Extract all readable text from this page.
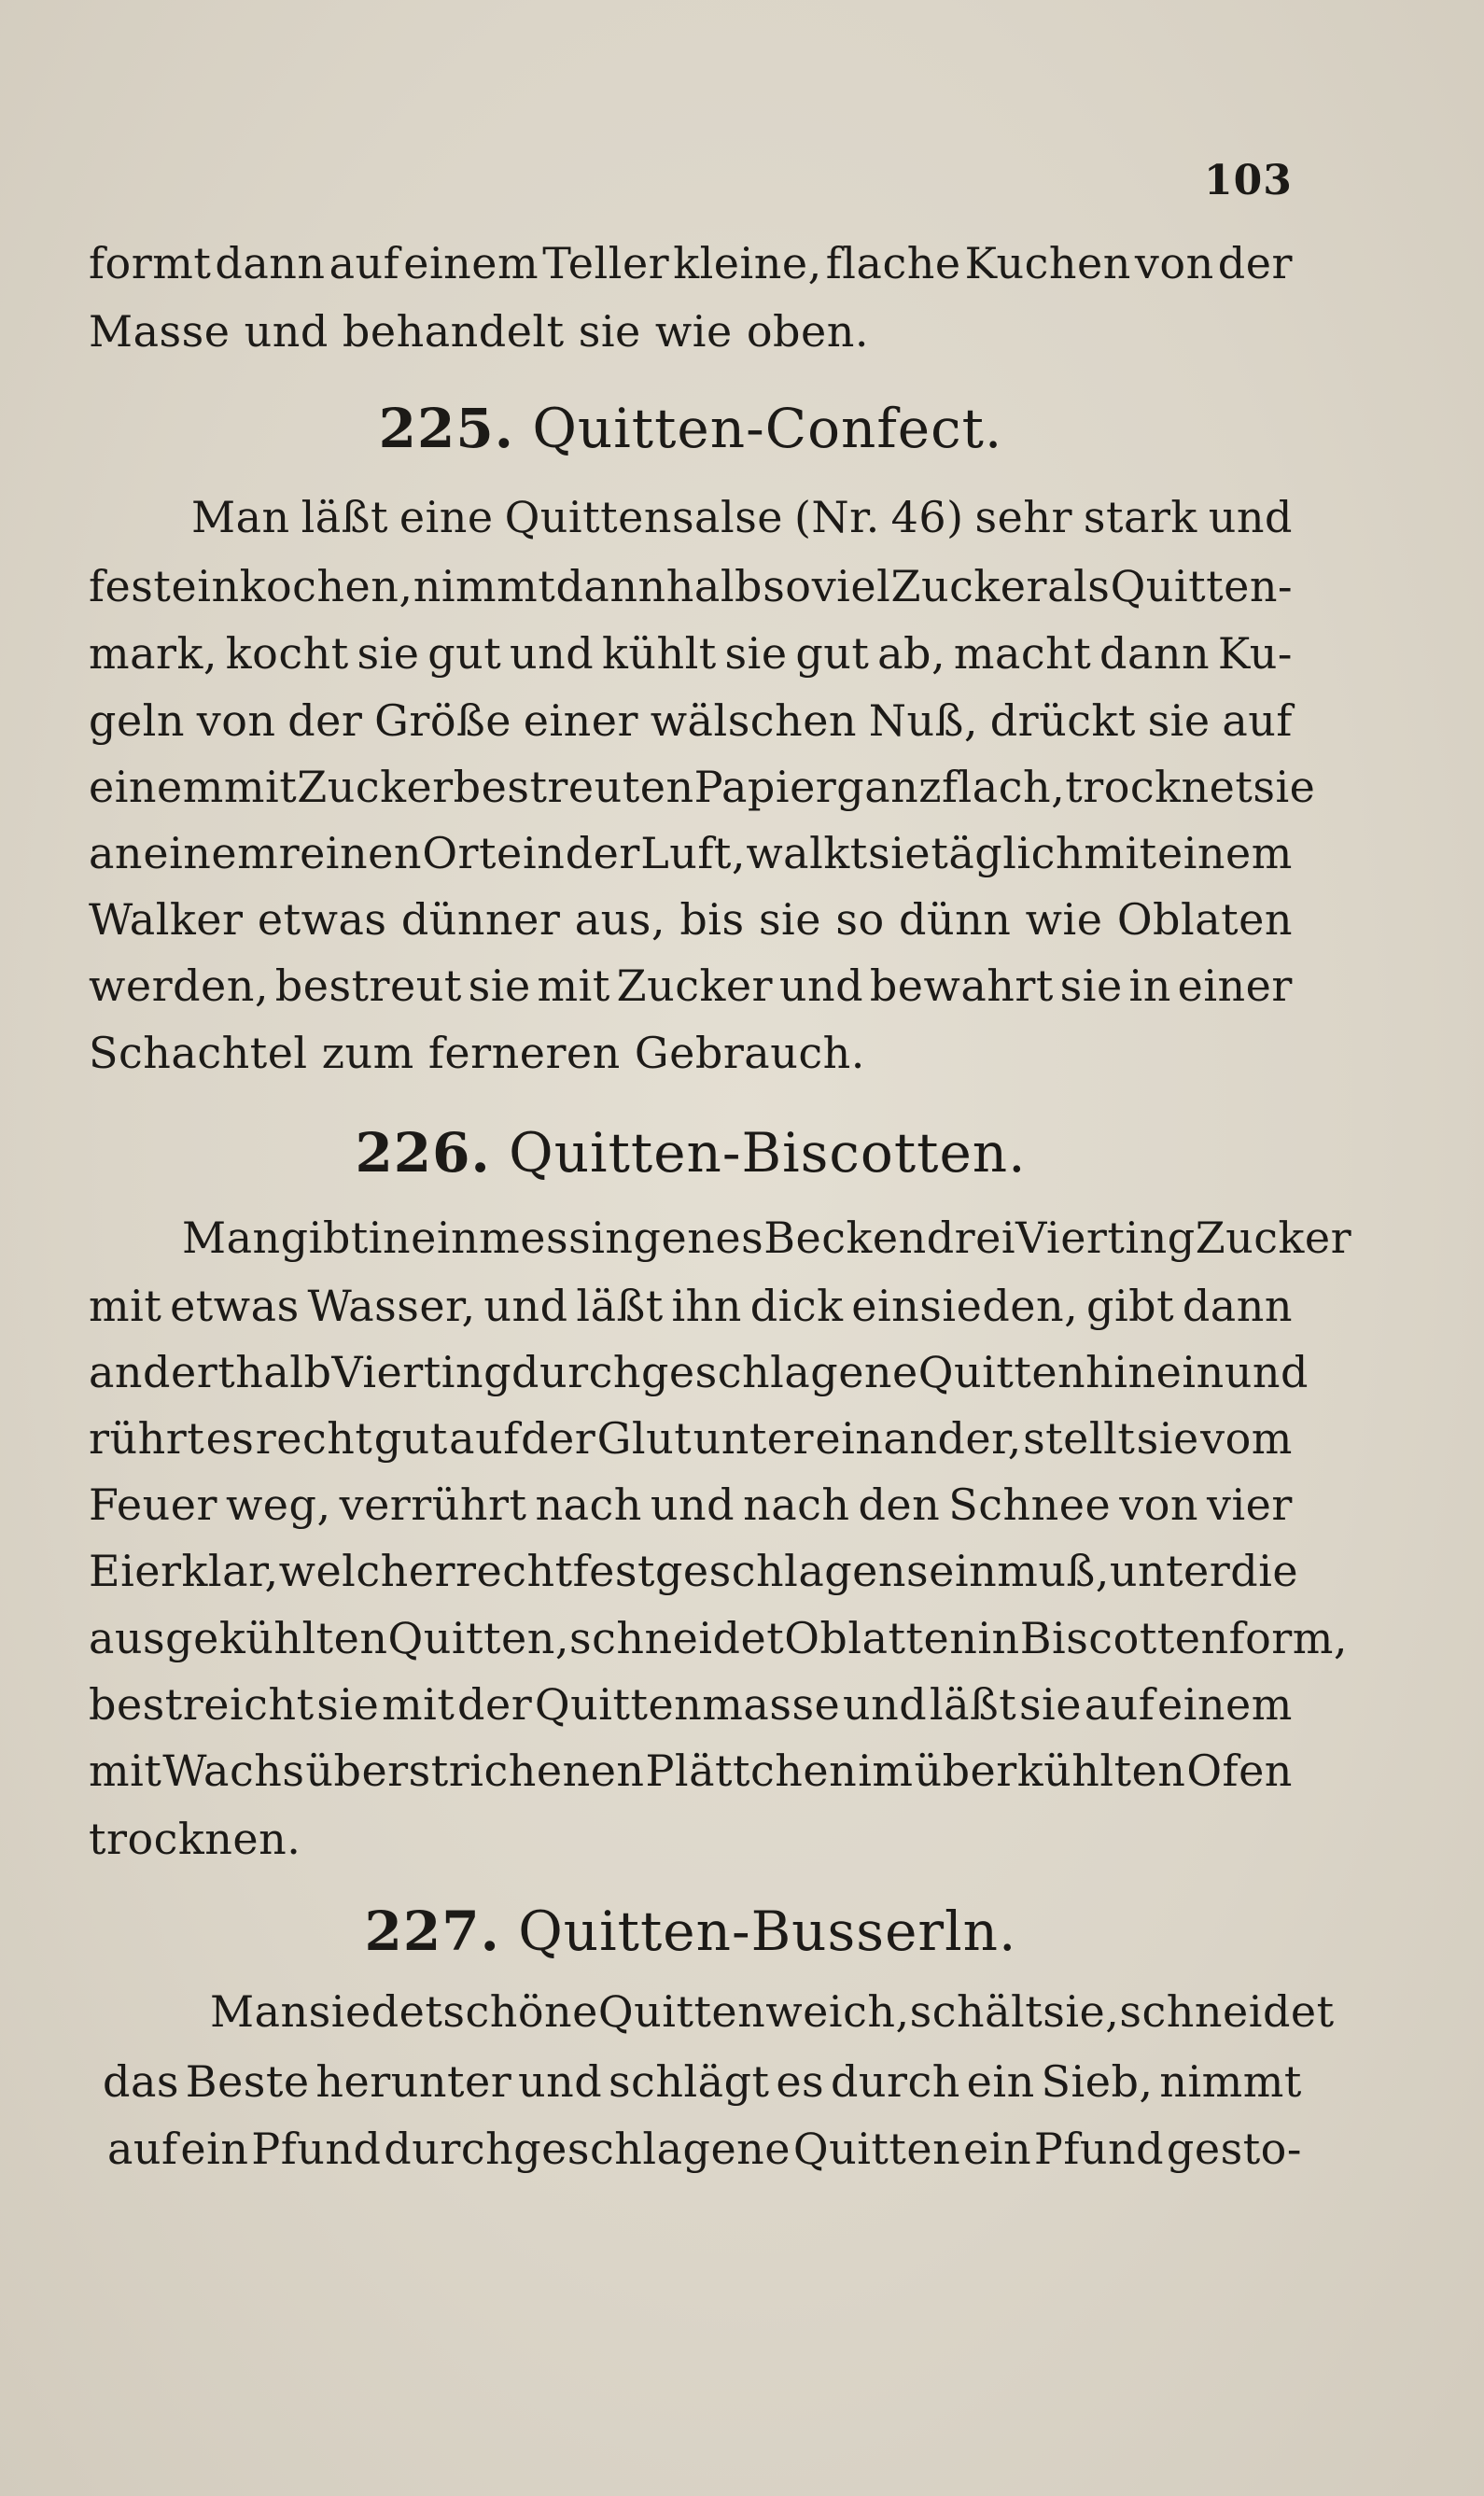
103
formt dann auf einem Teller kleine, flache Kuchen von der
Masse und behandelt sie wie oben.
225. Quitten-Confect.
Man läßt eine Quittensalse (Nr. 46) sehr stark und
fest einkochen, nimmt dann halb so viel Zucker als Quitten-
mark, kocht sie gut und kühlt sie gut ab, macht dann Ku-
geln von der Größe einer wälschen Nuß, drückt sie auf
einem mit Zucker bestreuten Papier ganz flach, trocknet sie
an einem reinen Orte in der Luft, walkt sie täglich mit einem
Walker etwas dünner aus, bis sie so dünn wie Oblaten
werden, bestreut sie mit Zucker und bewahrt sie in einer
Schachtel zum ferneren Gebrauch.
226. Quitten-Biscotten.
Man gibt in ein messingenes Becken drei Vierting Zucker
mit etwas Wasser, und läßt ihn dick einsieden, gibt dann
anderthalb Vierting durchgeschlagene Quitten hinein und
rührt es recht gut auf der Glut unter einander, stellt sie vom
Feuer weg, verrührt nach und nach den Schnee von vier
Eierklar, welcher recht fest geschlagen sein muß, unter die
ausgekühlten Quitten, schneidet Oblatten in Biscottenform,
bestreicht sie mit der Quittenmasse und läßt sie auf einem
mit Wachs überstrichenen Plättchen im überkühlten Ofen
trocknen.
227. Quitten-Busserln.
Man siedet schöne Quitten weich, schält sie, schneidet
das Beste herunter und schlägt es durch ein Sieb, nimmt
auf ein Pfund durchgeschlagene Quitten ein Pfund gesto-
